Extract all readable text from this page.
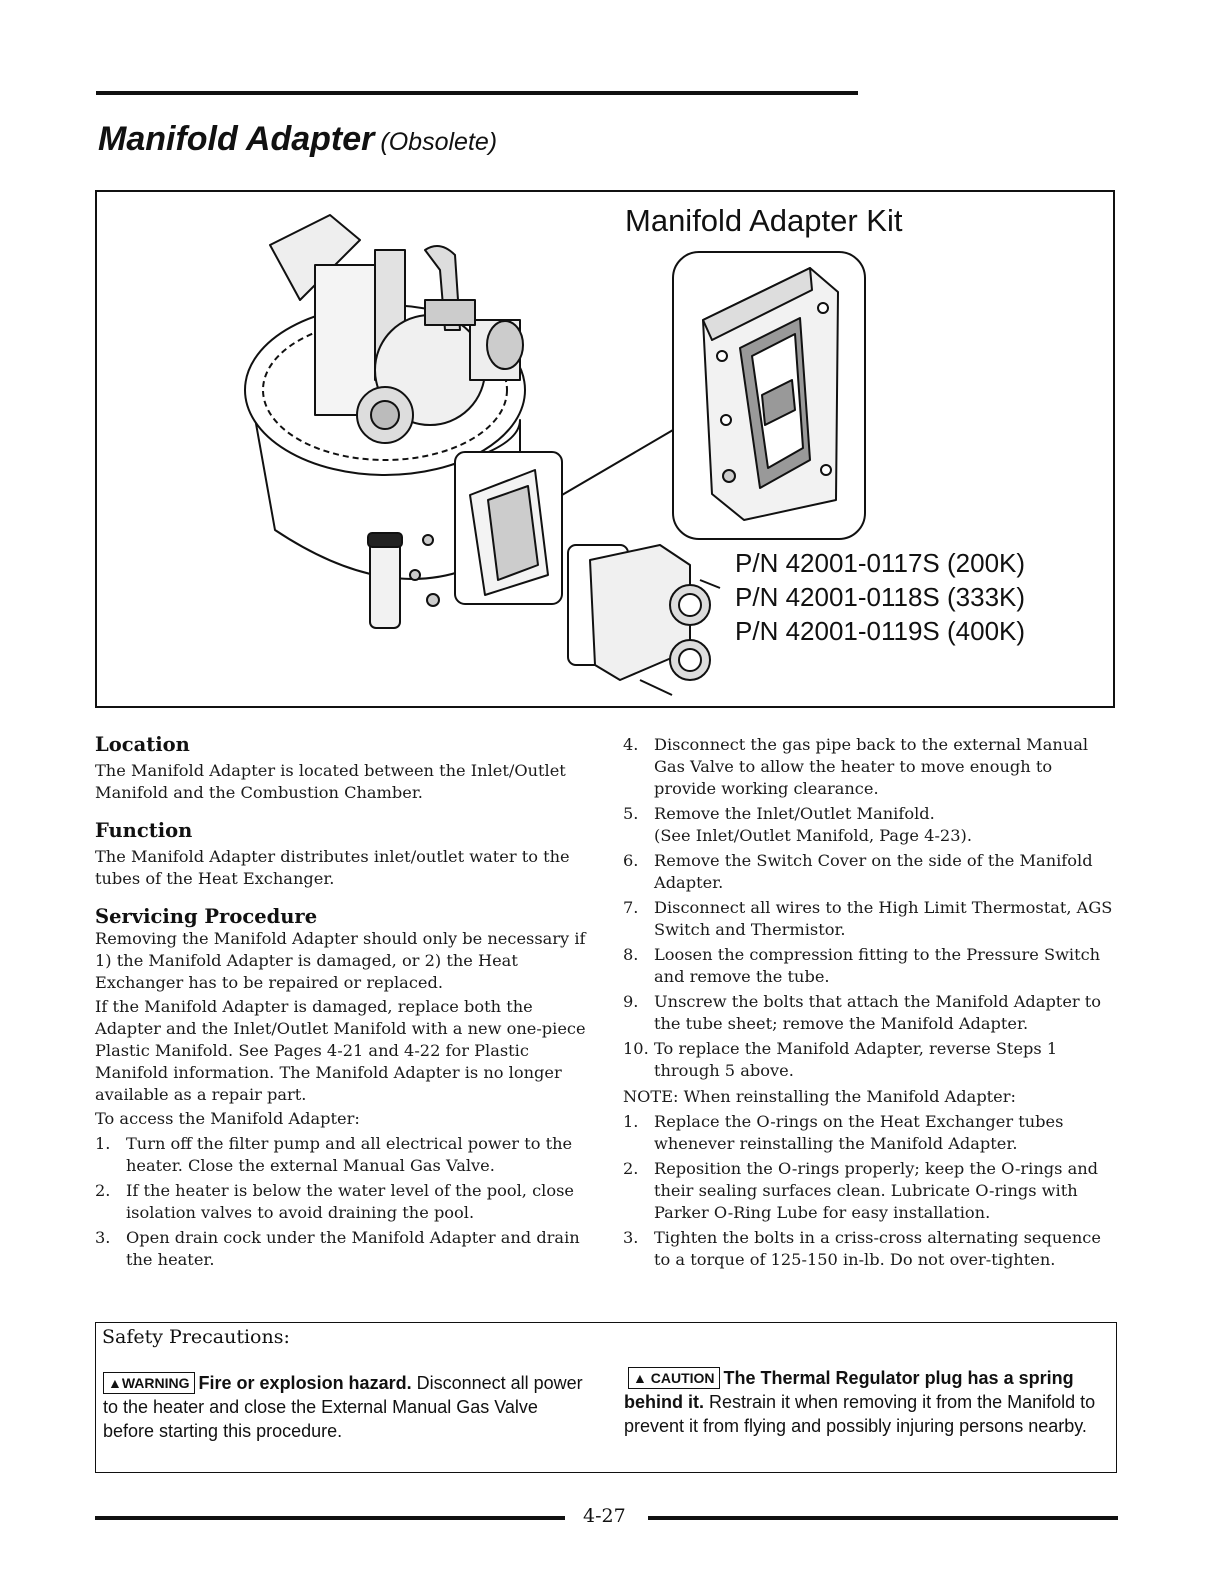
Manifold Adapter (Obsolete)
Manifold Adapter Kit
P/N 42001-0117S (200K)
P/N 42001-0118S (333K)
P/N 42001-0119S (400K)
Location

The Manifold Adapter is located between the Inlet/Outlet Manifold and the Combustion Chamber.

Function

The Manifold Adapter distributes inlet/outlet water to the tubes of the Heat Exchanger.

Servicing Procedure

Removing the Manifold Adapter should only be necessary if 1) the Manifold Adapter is damaged, or 2) the Heat Exchanger has to be repaired or replaced.

If the Manifold Adapter is damaged, replace both the Adapter and the Inlet/Outlet Manifold with a new one-piece Plastic Manifold. See Pages 4-21 and 4-22 for Plastic Manifold information. The Manifold Adapter is no longer available as a repair part.

To access the Manifold Adapter:

1. Turn off the filter pump and all electrical power to the heater. Close the external Manual Gas Valve.
2. If the heater is below the water level of the pool, close isolation valves to avoid draining the pool.
3. Open drain cock under the Manifold Adapter and drain the heater.
4. Disconnect the gas pipe back to the external Manual Gas Valve to allow the heater to move enough to provide working clearance.
5. Remove the Inlet/Outlet Manifold.
(See Inlet/Outlet Manifold, Page 4-23).
6. Remove the Switch Cover on the side of the Manifold Adapter.
7. Disconnect all wires to the High Limit Thermostat, AGS Switch and Thermistor.
8. Loosen the compression fitting to the Pressure Switch and remove the tube.
9. Unscrew the bolts that attach the Manifold Adapter to the tube sheet; remove the Manifold Adapter.
10. To replace the Manifold Adapter, reverse Steps 1 through 5 above.

NOTE: When reinstalling the Manifold Adapter:

1. Replace the O-rings on the Heat Exchanger tubes whenever reinstalling the Manifold Adapter.
2. Reposition the O-rings properly; keep the O-rings and their sealing surfaces clean. Lubricate O-rings with Parker O-Ring Lube for easy installation.
3. Tighten the bolts in a criss-cross alternating sequence to a torque of 125-150 in-lb. Do not over-tighten.
Safety Precautions:
▲WARNING Fire or explosion hazard. Disconnect all power to the heater and close the External Manual Gas Valve before starting this procedure.
▲ CAUTION The Thermal Regulator plug has a spring behind it. Restrain it when removing it from the Manifold to prevent it from flying and possibly injuring persons nearby.
4-27
